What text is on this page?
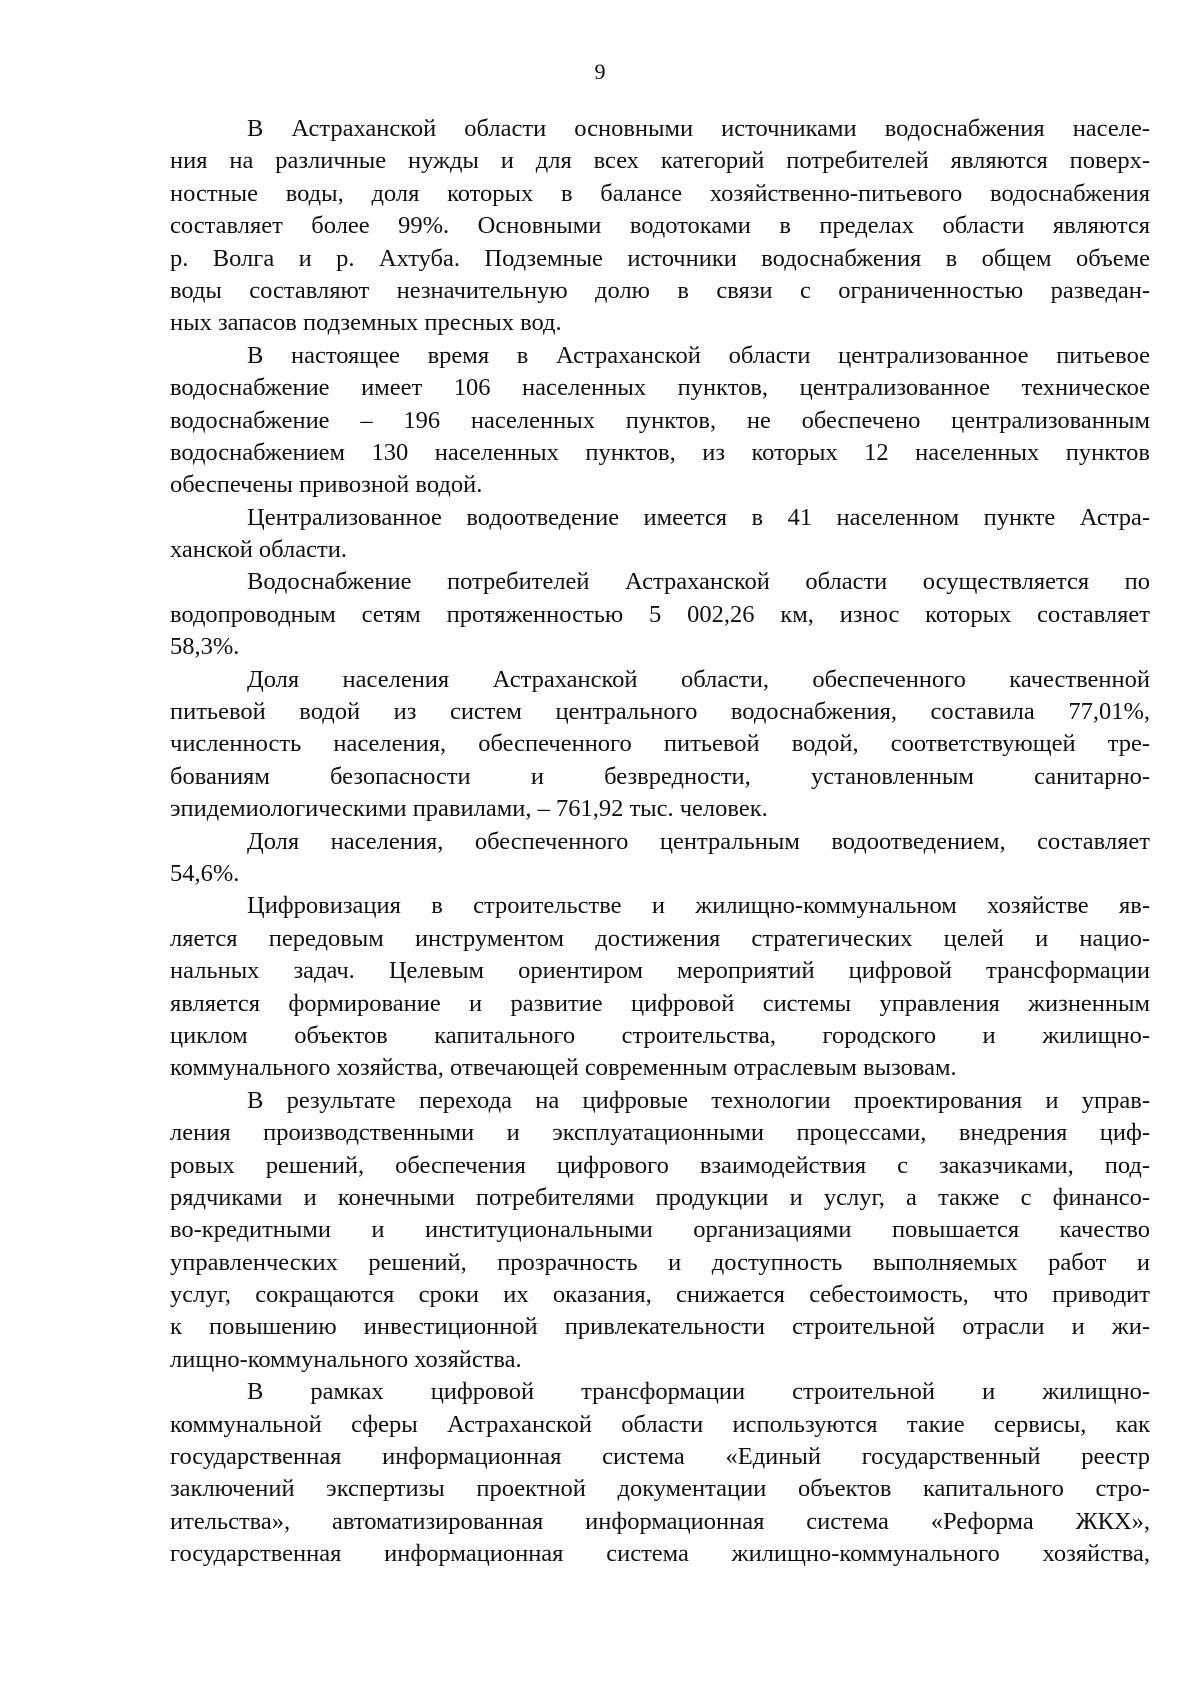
9
В Астраханской области основными источниками водоснабжения населе-
ния на различные нужды и для всех категорий потребителей являются поверх-
ностные воды, доля которых в балансе хозяйственно-питьевого водоснабжения
составляет более 99%. Основными водотоками в пределах области являются
р. Волга и р. Ахтуба. Подземные источники водоснабжения в общем объеме
воды составляют незначительную долю в связи с ограниченностью разведан-
ных запасов подземных пресных вод.
В настоящее время в Астраханской области централизованное питьевое
водоснабжение имеет 106 населенных пунктов, централизованное техническое
водоснабжение – 196 населенных пунктов, не обеспечено централизованным
водоснабжением 130 населенных пунктов, из которых 12 населенных пунктов
обеспечены привозной водой.
Централизованное водоотведение имеется в 41 населенном пункте Астра-
ханской области.
Водоснабжение потребителей Астраханской области осуществляется по
водопроводным сетям протяженностью 5 002,26 км, износ которых составляет
58,3%.
Доля населения Астраханской области, обеспеченного качественной
питьевой водой из систем центрального водоснабжения, составила 77,01%,
численность населения, обеспеченного питьевой водой, соответствующей тре-
бованиям безопасности и безвредности, установленным санитарно-
эпидемиологическими правилами, – 761,92 тыс. человек.
Доля населения, обеспеченного центральным водоотведением, составляет
54,6%.
Цифровизация в строительстве и жилищно-коммунальном хозяйстве яв-
ляется передовым инструментом достижения стратегических целей и нацио-
нальных задач. Целевым ориентиром мероприятий цифровой трансформации
является формирование и развитие цифровой системы управления жизненным
циклом объектов капитального строительства, городского и жилищно-
коммунального хозяйства, отвечающей современным отраслевым вызовам.
В результате перехода на цифровые технологии проектирования и управ-
ления производственными и эксплуатационными процессами, внедрения циф-
ровых решений, обеспечения цифрового взаимодействия с заказчиками, под-
рядчиками и конечными потребителями продукции и услуг, а также с финансо-
во-кредитными и институциональными организациями повышается качество
управленческих решений, прозрачность и доступность выполняемых работ и
услуг, сокращаются сроки их оказания, снижается себестоимость, что приводит
к повышению инвестиционной привлекательности строительной отрасли и жи-
лищно-коммунального хозяйства.
В рамках цифровой трансформации строительной и жилищно-
коммунальной сферы Астраханской области используются такие сервисы, как
государственная информационная система «Единый государственный реестр
заключений экспертизы проектной документации объектов капитального стро-
ительства», автоматизированная информационная система «Реформа ЖКХ»,
государственная информационная система жилищно-коммунального хозяйства,
